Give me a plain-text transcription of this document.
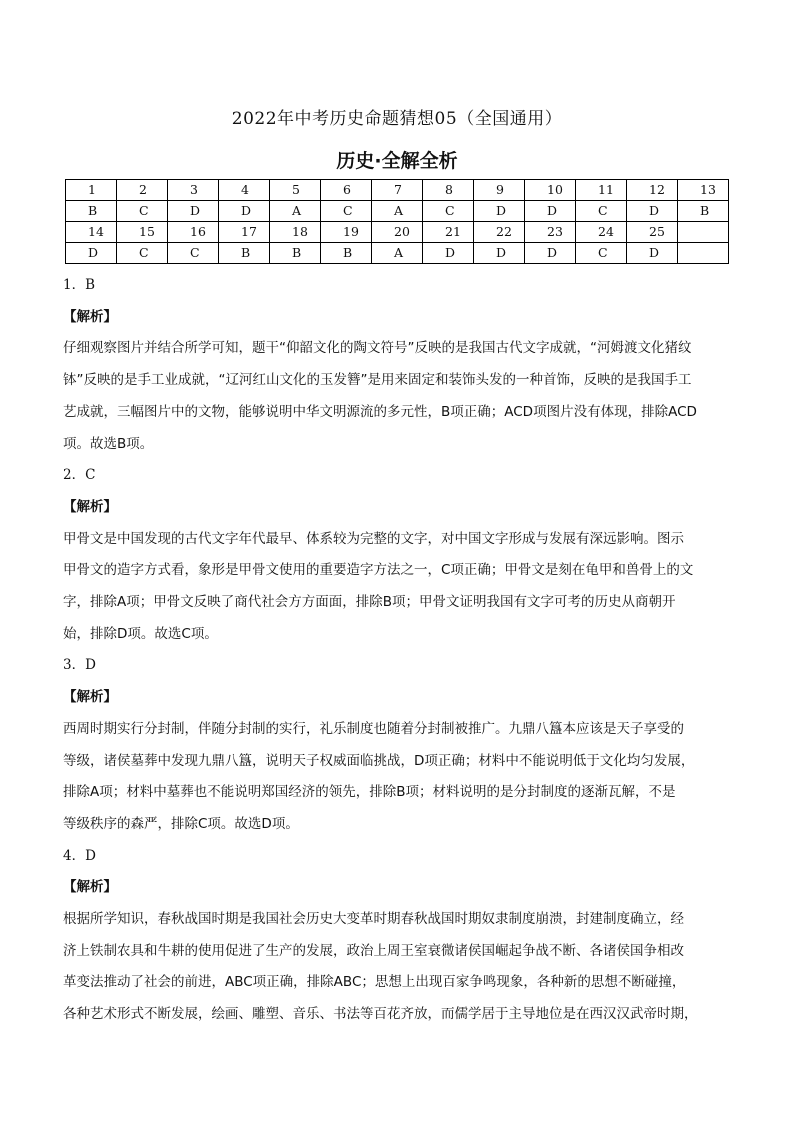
2022年中考历史命题猜想05（全国通用）
历史·全解全析
1	2	3	4	5	6	7	8	9	10	11	12	13
B	C	D	D	A	C	A	C	D	D	C	D	B
14	15	16	17	18	19	20	21	22	23	24	25	
D	C	C	B	B	B	A	D	D	D	C	D	

1．B

【解析】

仔细观察图片并结合所学可知，题干“仰韶文化的陶文符号”反映的是我国古代文字成就，“河姆渡文化猪纹

钵”反映的是手工业成就，“辽河红山文化的玉发簪”是用来固定和装饰头发的一种首饰，反映的是我国手工

艺成就，三幅图片中的文物，能够说明中华文明源流的多元性，B项正确；ACD项图片没有体现，排除ACD

项。故选B项。

2．C

【解析】

甲骨文是中国发现的古代文字年代最早、体系较为完整的文字，对中国文字形成与发展有深远影响。图示

甲骨文的造字方式看，象形是甲骨文使用的重要造字方法之一，C项正确；甲骨文是刻在龟甲和兽骨上的文

字，排除A项；甲骨文反映了商代社会方方面面，排除B项；甲骨文证明我国有文字可考的历史从商朝开

始，排除D项。故选C项。

3．D

【解析】

西周时期实行分封制，伴随分封制的实行，礼乐制度也随着分封制被推广。九鼎八簋本应该是天子享受的

等级，诸侯墓葬中发现九鼎八簋，说明天子权威面临挑战，D项正确；材料中不能说明低于文化均匀发展，

排除A项；材料中墓葬也不能说明郑国经济的领先，排除B项；材料说明的是分封制度的逐渐瓦解，不是

等级秩序的森严，排除C项。故选D项。

4．D

【解析】

根据所学知识，春秋战国时期是我国社会历史大变革时期春秋战国时期奴隶制度崩溃，封建制度确立，经

济上铁制农具和牛耕的使用促进了生产的发展，政治上周王室衰微诸侯国崛起争战不断、各诸侯国争相改

革变法推动了社会的前进，ABC项正确，排除ABC；思想上出现百家争鸣现象，各种新的思想不断碰撞，

各种艺术形式不断发展，绘画、雕塑、音乐、书法等百花齐放，而儒学居于主导地位是在西汉汉武帝时期，
